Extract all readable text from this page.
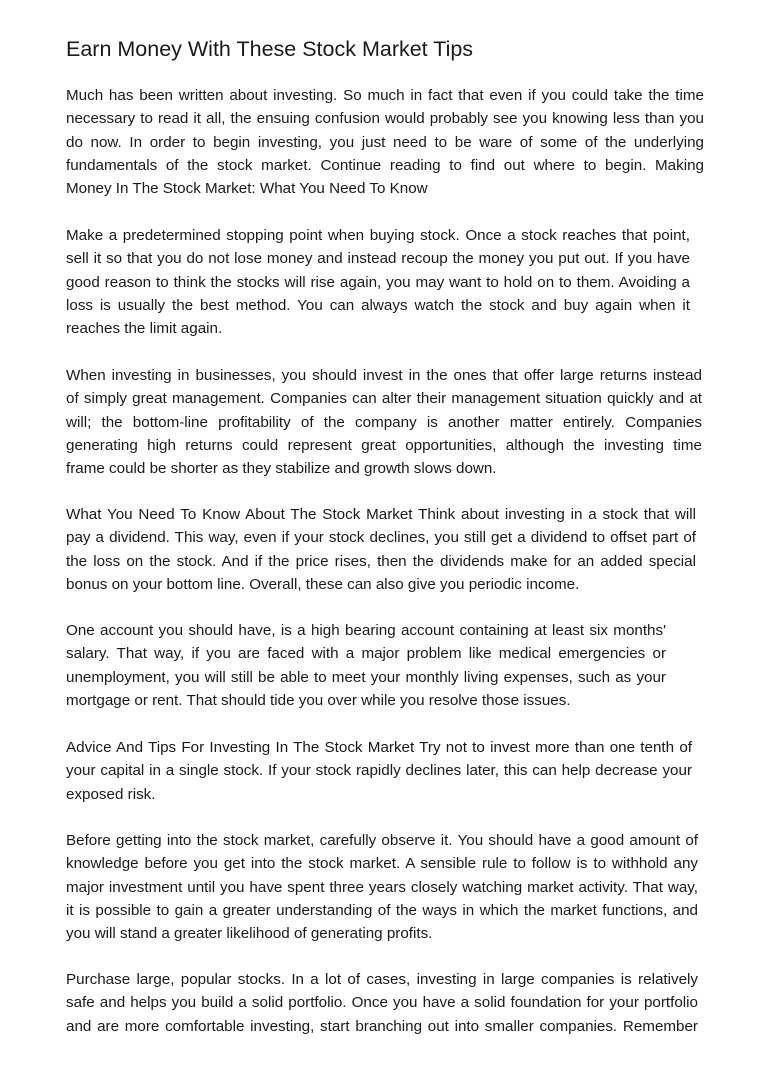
Earn Money With These Stock Market Tips

Much has been written about investing. So much in fact that even if you could take the time
necessary to read it all, the ensuing confusion would probably see you knowing less than you
do now. In order to begin investing, you just need to be ware of some of the underlying
fundamentals of the stock market. Continue reading to find out where to begin. Making
Money In The Stock Market: What You Need To Know

Make a predetermined stopping point when buying stock. Once a stock reaches that point,
sell it so that you do not lose money and instead recoup the money you put out. If you have
good reason to think the stocks will rise again, you may want to hold on to them. Avoiding a
loss is usually the best method. You can always watch the stock and buy again when it
reaches the limit again.

When investing in businesses, you should invest in the ones that offer large returns instead
of simply great management. Companies can alter their management situation quickly and at
will; the bottom-line profitability of the company is another matter entirely. Companies
generating high returns could represent great opportunities, although the investing time
frame could be shorter as they stabilize and growth slows down.

What You Need To Know About The Stock Market Think about investing in a stock that will
pay a dividend. This way, even if your stock declines, you still get a dividend to offset part of
the loss on the stock. And if the price rises, then the dividends make for an added special
bonus on your bottom line. Overall, these can also give you periodic income.

One account you should have, is a high bearing account containing at least six months'
salary. That way, if you are faced with a major problem like medical emergencies or
unemployment, you will still be able to meet your monthly living expenses, such as your
mortgage or rent. That should tide you over while you resolve those issues.

Advice And Tips For Investing In The Stock Market Try not to invest more than one tenth of
your capital in a single stock. If your stock rapidly declines later, this can help decrease your
exposed risk.

Before getting into the stock market, carefully observe it. You should have a good amount of
knowledge before you get into the stock market. A sensible rule to follow is to withhold any
major investment until you have spent three years closely watching market activity. That way,
it is possible to gain a greater understanding of the ways in which the market functions, and
you will stand a greater likelihood of generating profits.

Purchase large, popular stocks. In a lot of cases, investing in large companies is relatively
safe and helps you build a solid portfolio. Once you have a solid foundation for your portfolio
and are more comfortable investing, start branching out into smaller companies. Remember
